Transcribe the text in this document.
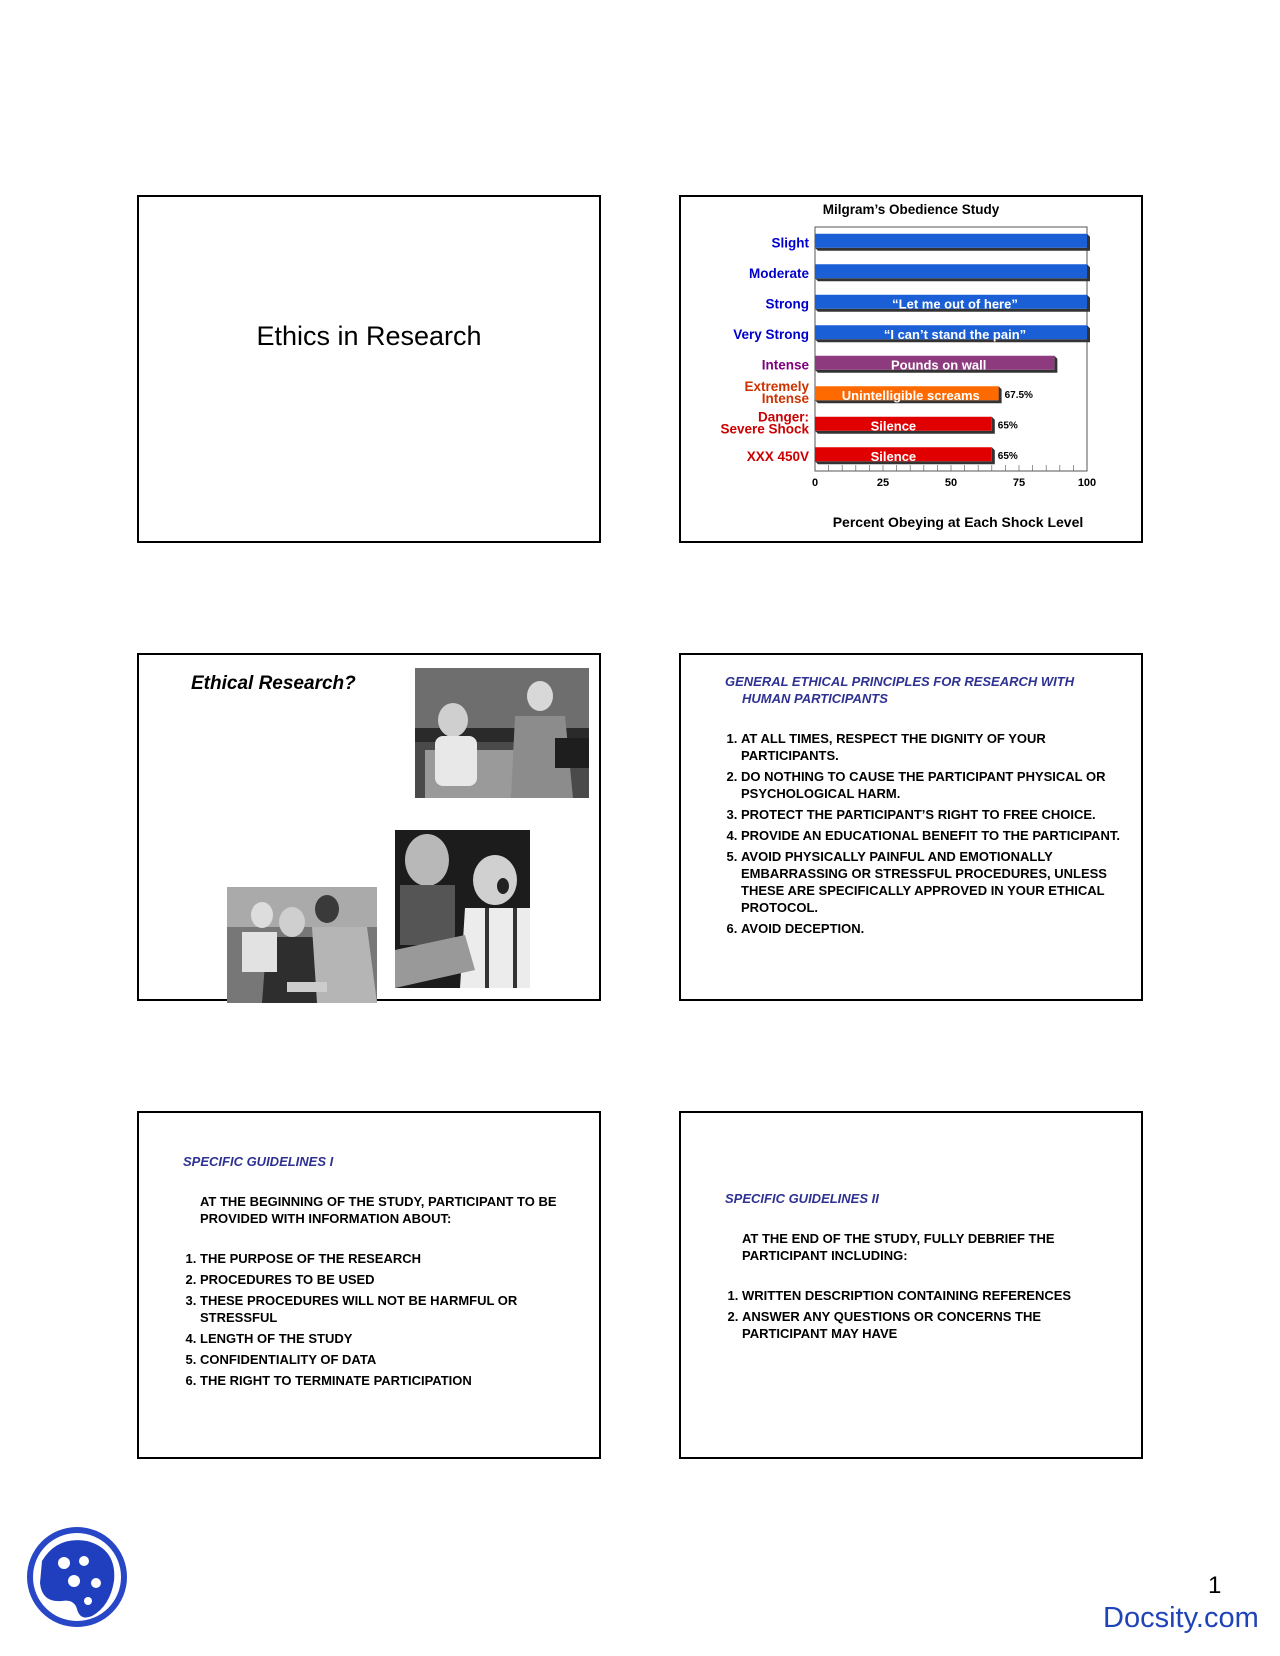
Ethics in Research
Milgram’s Obedience Study
Percent Obeying at Each Shock Level
Slight
Moderate
Strong	“Let me out of here”
Very Strong	“I can’t stand the pain”
Intense	Pounds on wall
Extremely Intense	Unintelligible screams 67.5%
Danger: Severe Shock	Silence	65%
XXX 450V	Silence	65%
0	25	50	75	100
Ethical Research?	GENERAL ETHICAL PRINCIPLES FOR RESEARCH WITH
HUMAN PARTICIPANTS
1. AT ALL TIMES, RESPECT THE DIGNITY OF YOUR PARTICIPANTS.
2. DO NOTHING TO CAUSE THE PARTICIPANT PHYSICAL OR PSYCHOLOGICAL HARM.
3. PROTECT THE PARTICIPANT’S RIGHT TO FREE CHOICE.
4. PROVIDE AN EDUCATIONAL BENEFIT TO THE PARTICIPANT.
5. AVOID PHYSICALLY PAINFUL AND EMOTIONALLY EMBARRASSING OR STRESSFUL PROCEDURES, UNLESS THESE ARE SPECIFICALLY APPROVED IN YOUR ETHICAL PROTOCOL.
6. AVOID DECEPTION.
SPECIFIC GUIDELINES I
AT THE BEGINNING OF THE STUDY, PARTICIPANT TO BE PROVIDED WITH INFORMATION ABOUT:
1. THE PURPOSE OF THE RESEARCH
2. PROCEDURES TO BE USED
3. THESE PROCEDURES WILL NOT BE HARMFUL OR STRESSFUL
4. LENGTH OF THE STUDY
5. CONFIDENTIALITY OF DATA
6. THE RIGHT TO TERMINATE PARTICIPATION
SPECIFIC GUIDELINES II
AT THE END OF THE STUDY, FULLY DEBRIEF THE PARTICIPANT INCLUDING:
1. WRITTEN DESCRIPTION CONTAINING REFERENCES
2. ANSWER ANY QUESTIONS OR CONCERNS THE PARTICIPANT MAY HAVE
1
Docsity.com
